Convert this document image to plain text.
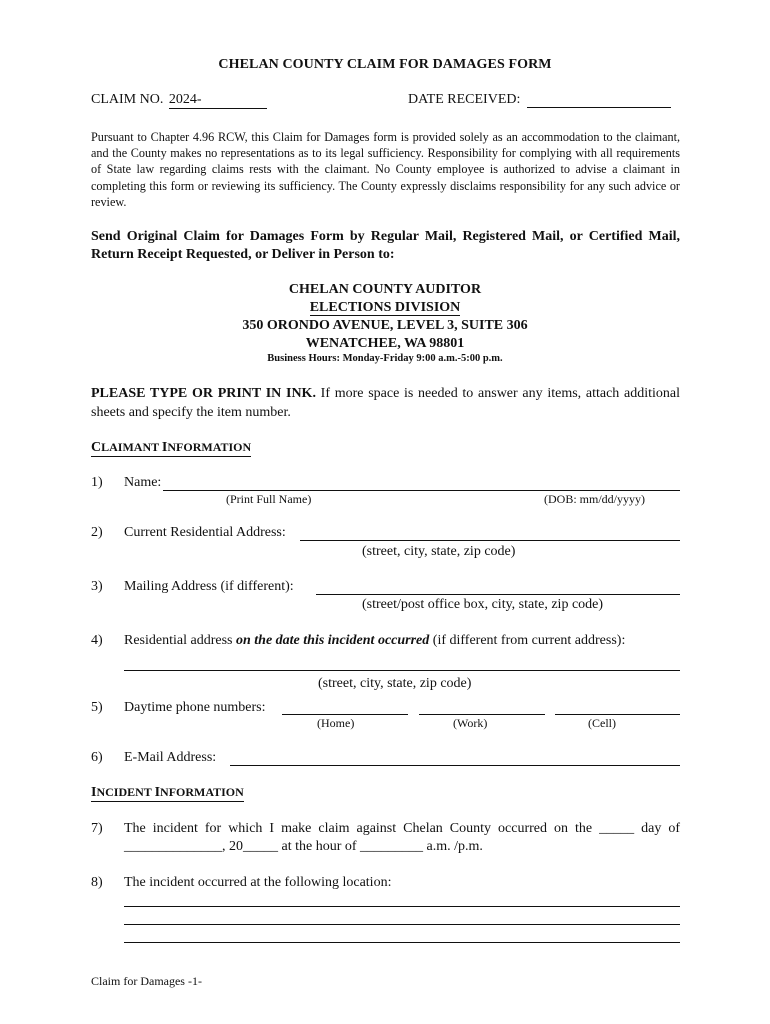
CHELAN COUNTY CLAIM FOR DAMAGES FORM
CLAIM NO. 2024-	DATE RECEIVED:
Pursuant to Chapter 4.96 RCW, this Claim for Damages form is provided solely as an accommodation to the claimant, and the County makes no representations as to its legal sufficiency. Responsibility for complying with all requirements of State law regarding claims rests with the claimant. No County employee is authorized to advise a claimant in completing this form or reviewing its sufficiency. The County expressly disclaims responsibility for any such advice or review.
Send Original Claim for Damages Form by Regular Mail, Registered Mail, or Certified Mail, Return Receipt Requested, or Deliver in Person to:
CHELAN COUNTY AUDITOR
ELECTIONS DIVISION
350 ORONDO AVENUE, LEVEL 3, SUITE 306
WENATCHEE, WA 98801
Business Hours: Monday-Friday 9:00 a.m.-5:00 p.m.
PLEASE TYPE OR PRINT IN INK. If more space is needed to answer any items, attach additional sheets and specify the item number.
CLAIMANT INFORMATION
1) Name:
(Print Full Name)	(DOB: mm/dd/yyyy)
2) Current Residential Address:
(street, city, state, zip code)
3) Mailing Address (if different):
(street/post office box, city, state, zip code)
4) Residential address on the date this incident occurred (if different from current address):
(street, city, state, zip code)
5) Daytime phone numbers:
(Home)	(Work)	(Cell)
6) E-Mail Address:
INCIDENT INFORMATION
7) The incident for which I make claim against Chelan County occurred on the _____ day of
______________, 20_____ at the hour of _________ a.m. /p.m.
8) The incident occurred at the following location:
Claim for Damages -1-
